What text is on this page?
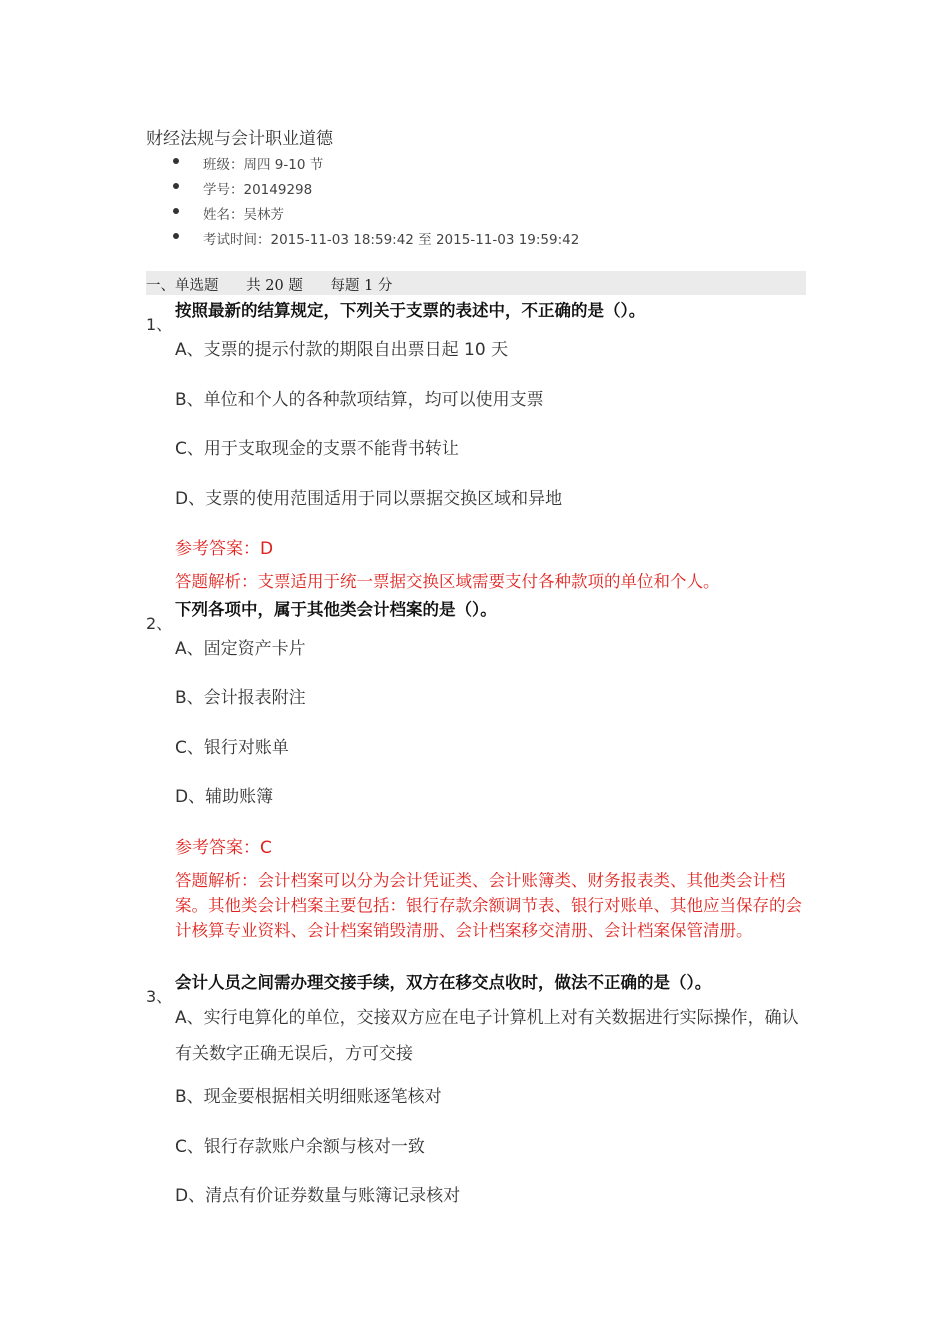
财经法规与会计职业道德
班级：周四 9-10 节
学号：20149298
姓名：吴林芳
考试时间：2015-11-03 18:59:42 至 2015-11-03 19:59:42
一、单选题      共 20 题      每题 1 分
1、
按照最新的结算规定，下列关于支票的表述中，不正确的是（）。
A、支票的提示付款的期限自出票日起 10 天
B、单位和个人的各种款项结算，均可以使用支票
C、用于支取现金的支票不能背书转让
D、支票的使用范围适用于同以票据交换区域和异地
参考答案：D
答题解析：支票适用于统一票据交换区域需要支付各种款项的单位和个人。
2、
下列各项中，属于其他类会计档案的是（）。
A、固定资产卡片
B、会计报表附注
C、银行对账单
D、辅助账簿
参考答案：C
答题解析：会计档案可以分为会计凭证类、会计账簿类、财务报表类、其他类会计档案。其他类会计档案主要包括：银行存款余额调节表、银行对账单、其他应当保存的会计核算专业资料、会计档案销毁清册、会计档案移交清册、会计档案保管清册。
3、
会计人员之间需办理交接手续，双方在移交点收时，做法不正确的是（）。
A、实行电算化的单位，交接双方应在电子计算机上对有关数据进行实际操作，确认有关数字正确无误后，方可交接
B、现金要根据相关明细账逐笔核对
C、银行存款账户余额与核对一致
D、清点有价证券数量与账簿记录核对
